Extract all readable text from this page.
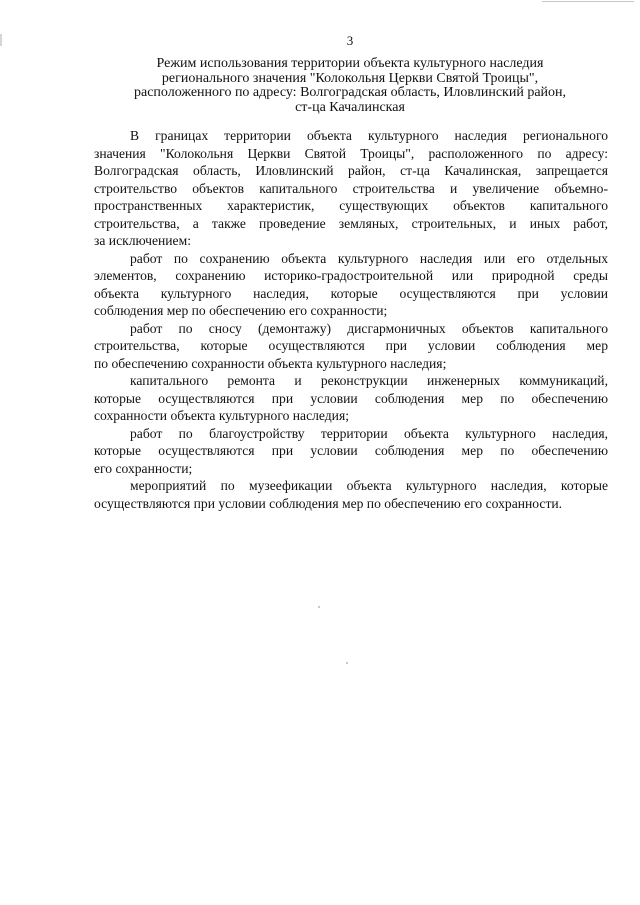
3
Режим использования территории объекта культурного наследия
регионального значения "Колокольня Церкви Святой Троицы",
расположенного по адресу: Волгоградская область, Иловлинский район,
ст-ца Качалинская
В границах территории объекта культурного наследия регионального
значения "Колокольня Церкви Святой Троицы", расположенного по адресу:
Волгоградская область, Иловлинский район, ст-ца Качалинская, запрещается
строительство объектов капитального строительства и увеличение объемно-
пространственных характеристик, существующих объектов капитального
строительства, а также проведение земляных, строительных, и иных работ,
за исключением:
работ по сохранению объекта культурного наследия или его отдельных
элементов, сохранению историко-градостроительной или природной среды
объекта культурного наследия, которые осуществляются при условии
соблюдения мер по обеспечению его сохранности;
работ по сносу (демонтажу) дисгармоничных объектов капитального
строительства, которые осуществляются при условии соблюдения мер
по обеспечению сохранности объекта культурного наследия;
капитального ремонта и реконструкции инженерных коммуникаций,
которые осуществляются при условии соблюдения мер по обеспечению
сохранности объекта культурного наследия;
работ по благоустройству территории объекта культурного наследия,
которые осуществляются при условии соблюдения мер по обеспечению
его сохранности;
мероприятий по музеефикации объекта культурного наследия, которые
осуществляются при условии соблюдения мер по обеспечению его сохранности.
